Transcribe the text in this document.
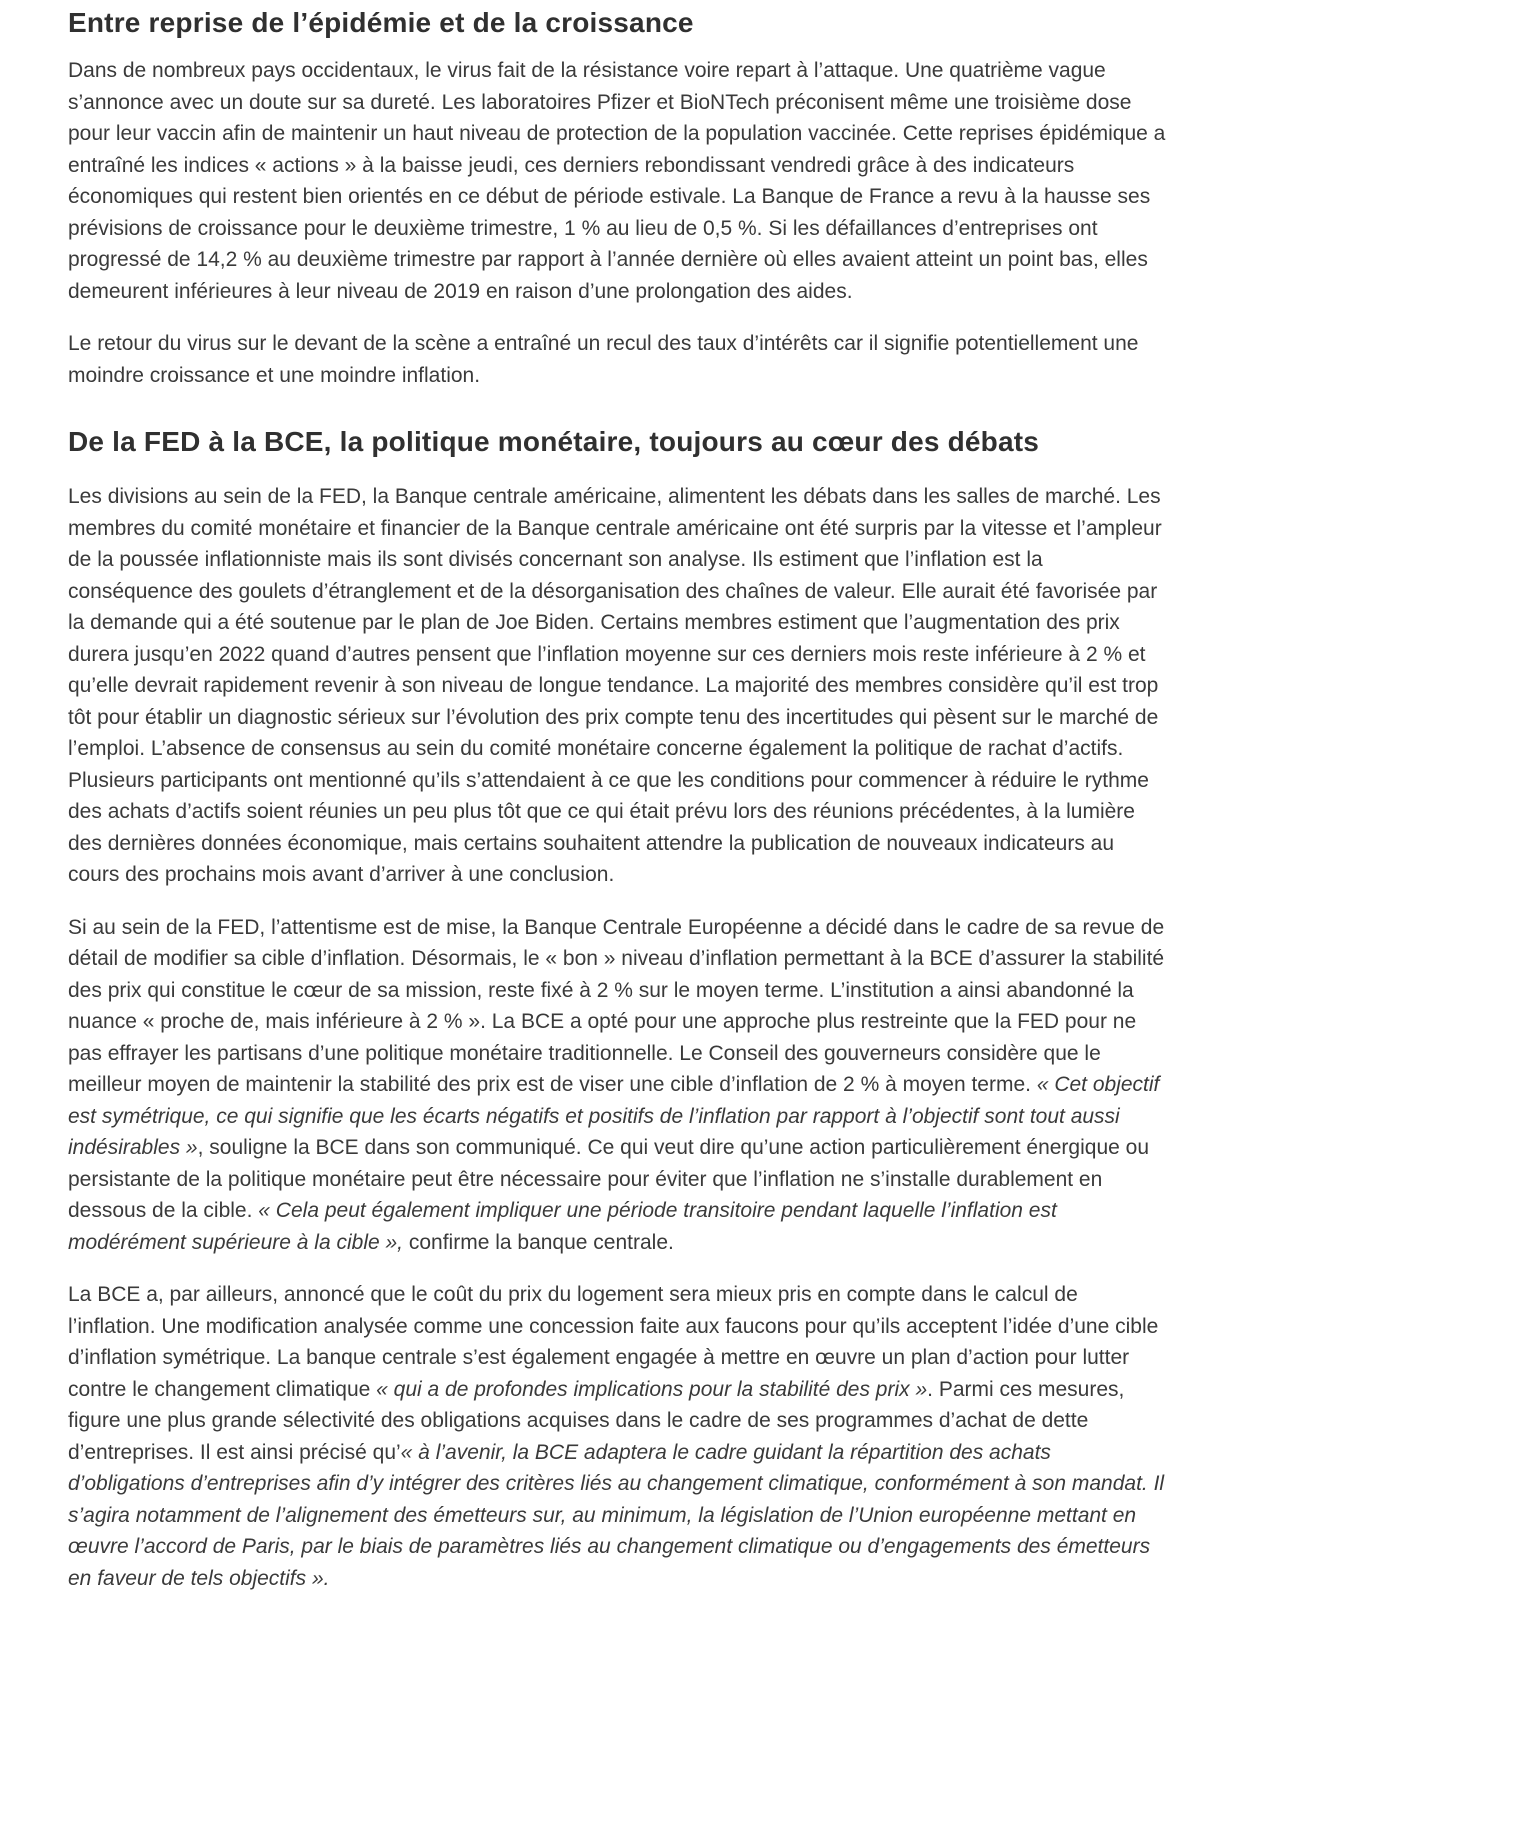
Entre reprise de l’épidémie et de la croissance

Dans de nombreux pays occidentaux, le virus fait de la résistance voire repart à l’attaque. Une quatrième vague s’annonce avec un doute sur sa dureté. Les laboratoires Pfizer et BioNTech préconisent même une troisième dose pour leur vaccin afin de maintenir un haut niveau de protection de la population vaccinée. Cette reprises épidémique a entraîné les indices « actions » à la baisse jeudi, ces derniers rebondissant vendredi grâce à des indicateurs économiques qui restent bien orientés en ce début de période estivale. La Banque de France a revu à la hausse ses prévisions de croissance pour le deuxième trimestre, 1 % au lieu de 0,5 %. Si les défaillances d’entreprises ont progressé de 14,2 % au deuxième trimestre par rapport à l’année dernière où elles avaient atteint un point bas, elles demeurent inférieures à leur niveau de 2019 en raison d’une prolongation des aides.

Le retour du virus sur le devant de la scène a entraîné un recul des taux d’intérêts car il signifie potentiellement une moindre croissance et une moindre inflation.

De la FED à la BCE, la politique monétaire, toujours au cœur des débats

Les divisions au sein de la FED, la Banque centrale américaine, alimentent les débats dans les salles de marché. Les membres du comité monétaire et financier de la Banque centrale américaine ont été surpris par la vitesse et l’ampleur de la poussée inflationniste mais ils sont divisés concernant son analyse. Ils estiment que l’inflation est la conséquence des goulets d’étranglement et de la désorganisation des chaînes de valeur. Elle aurait été favorisée par la demande qui a été soutenue par le plan de Joe Biden. Certains membres estiment que l’augmentation des prix durera jusqu’en 2022 quand d’autres pensent que l’inflation moyenne sur ces derniers mois reste inférieure à 2 % et qu’elle devrait rapidement revenir à son niveau de longue tendance. La majorité des membres considère qu’il est trop tôt pour établir un diagnostic sérieux sur l’évolution des prix compte tenu des incertitudes qui pèsent sur le marché de l’emploi. L’absence de consensus au sein du comité monétaire concerne également la politique de rachat d’actifs. Plusieurs participants ont mentionné qu’ils s’attendaient à ce que les conditions pour commencer à réduire le rythme des achats d’actifs soient réunies un peu plus tôt que ce qui était prévu lors des réunions précédentes, à la lumière des dernières données économique, mais certains souhaitent attendre la publication de nouveaux indicateurs au cours des prochains mois avant d’arriver à une conclusion.

Si au sein de la FED, l’attentisme est de mise, la Banque Centrale Européenne a décidé dans le cadre de sa revue de détail de modifier sa cible d’inflation. Désormais, le « bon » niveau d’inflation permettant à la BCE d’assurer la stabilité des prix qui constitue le cœur de sa mission, reste fixé à 2 % sur le moyen terme. L’institution a ainsi abandonné la nuance « proche de, mais inférieure à 2 % ». La BCE a opté pour une approche plus restreinte que la FED pour ne pas effrayer les partisans d’une politique monétaire traditionnelle. Le Conseil des gouverneurs considère que le meilleur moyen de maintenir la stabilité des prix est de viser une cible d’inflation de 2 % à moyen terme. « Cet objectif est symétrique, ce qui signifie que les écarts négatifs et positifs de l’inflation par rapport à l’objectif sont tout aussi indésirables », souligne la BCE dans son communiqué. Ce qui veut dire qu’une action particulièrement énergique ou persistante de la politique monétaire peut être nécessaire pour éviter que l’inflation ne s’installe durablement en dessous de la cible. « Cela peut également impliquer une période transitoire pendant laquelle l’inflation est modérément supérieure à la cible », confirme la banque centrale.

La BCE a, par ailleurs, annoncé que le coût du prix du logement sera mieux pris en compte dans le calcul de l’inflation. Une modification analysée comme une concession faite aux faucons pour qu’ils acceptent l’idée d’une cible d’inflation symétrique. La banque centrale s’est également engagée à mettre en œuvre un plan d’action pour lutter contre le changement climatique « qui a de profondes implications pour la stabilité des prix ». Parmi ces mesures, figure une plus grande sélectivité des obligations acquises dans le cadre de ses programmes d’achat de dette d’entreprises. Il est ainsi précisé qu’« à l’avenir, la BCE adaptera le cadre guidant la répartition des achats d’obligations d’entreprises afin d’y intégrer des critères liés au changement climatique, conformément à son mandat. Il s’agira notamment de l’alignement des émetteurs sur, au minimum, la législation de l’Union européenne mettant en œuvre l’accord de Paris, par le biais de paramètres liés au changement climatique ou d’engagements des émetteurs en faveur de tels objectifs ».
